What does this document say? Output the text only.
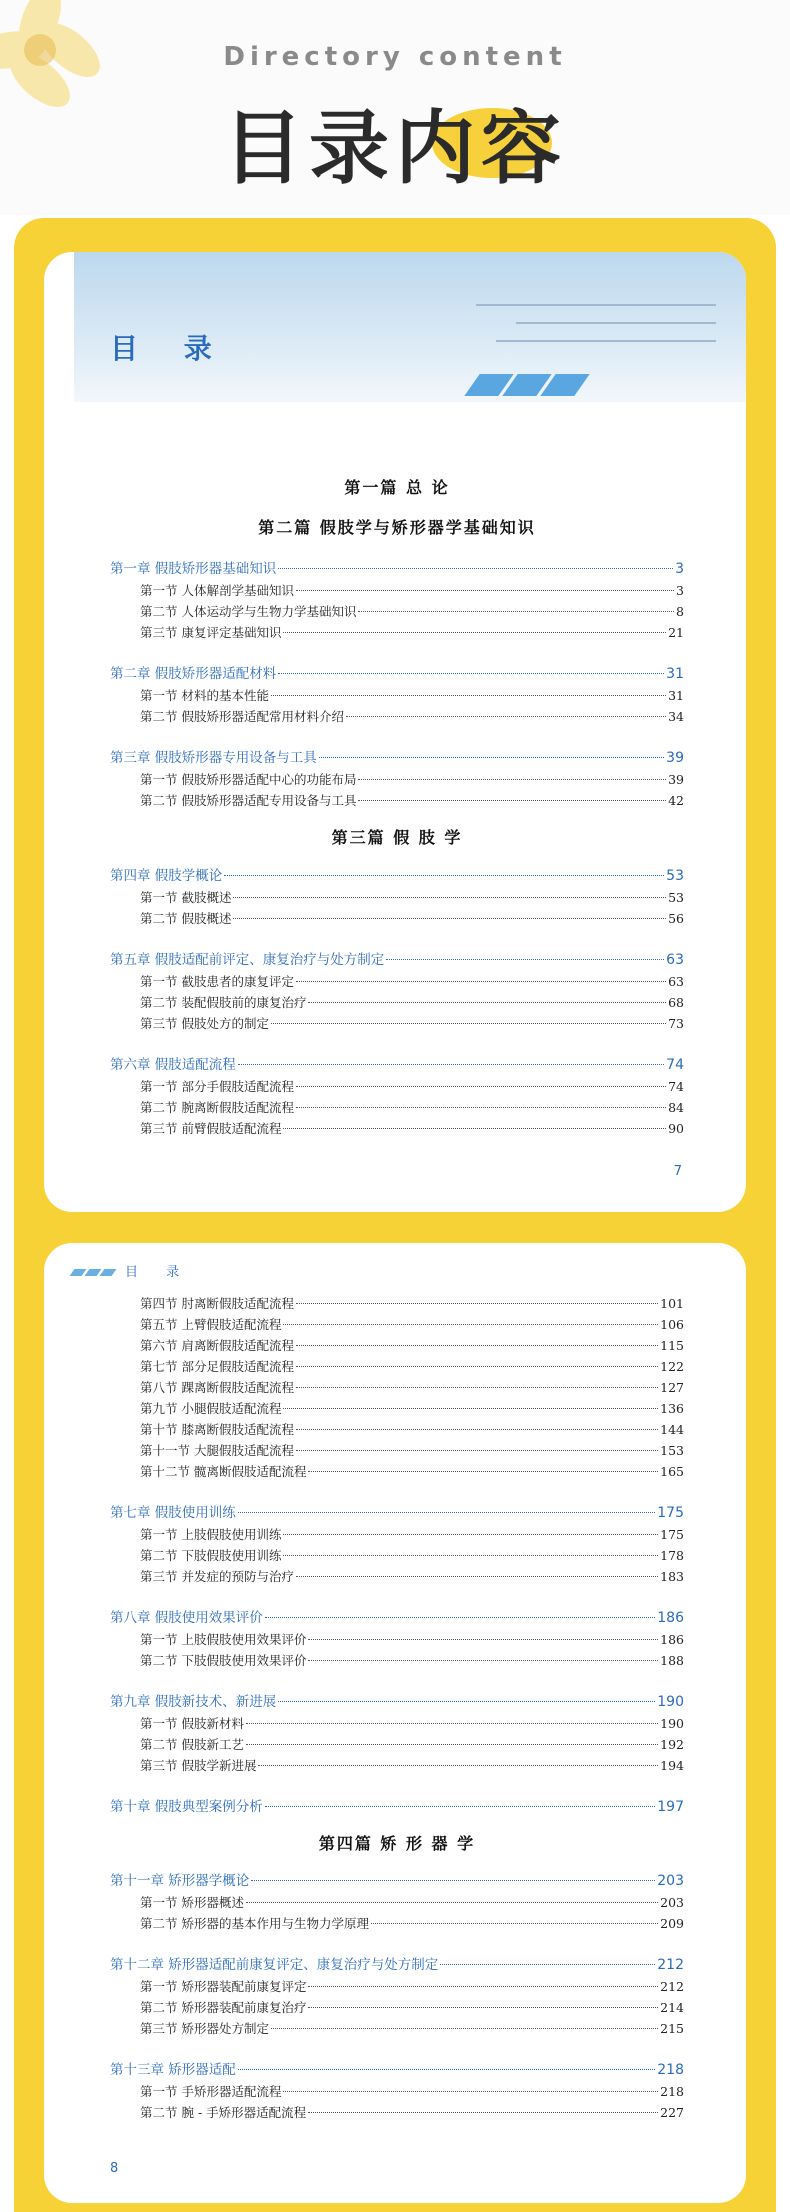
Directory content
目录内容
目 录
第一篇 总 论
第二篇 假肢学与矫形器学基础知识
第一章 假肢矫形器基础知识	3
第一节 人体解剖学基础知识	3
第二节 人体运动学与生物力学基础知识	8
第三节 康复评定基础知识	21
第二章 假肢矫形器适配材料	31
第一节 材料的基本性能	31
第二节 假肢矫形器适配常用材料介绍	34
第三章 假肢矫形器专用设备与工具	39
第一节 假肢矫形器适配中心的功能布局	39
第二节 假肢矫形器适配专用设备与工具	42
第三篇 假 肢 学
第四章 假肢学概论	53
第一节 截肢概述	53
第二节 假肢概述	56
第五章 假肢适配前评定、康复治疗与处方制定	63
第一节 截肢患者的康复评定	63
第二节 装配假肢前的康复治疗	68
第三节 假肢处方的制定	73
第六章 假肢适配流程	74
第一节 部分手假肢适配流程	74
第二节 腕离断假肢适配流程	84
第三节 前臂假肢适配流程	90
7
目 录
第四节 肘离断假肢适配流程	101
第五节 上臂假肢适配流程	106
第六节 肩离断假肢适配流程	115
第七节 部分足假肢适配流程	122
第八节 踝离断假肢适配流程	127
第九节 小腿假肢适配流程	136
第十节 膝离断假肢适配流程	144
第十一节 大腿假肢适配流程	153
第十二节 髋离断假肢适配流程	165
第七章 假肢使用训练	175
第一节 上肢假肢使用训练	175
第二节 下肢假肢使用训练	178
第三节 并发症的预防与治疗	183
第八章 假肢使用效果评价	186
第一节 上肢假肢使用效果评价	186
第二节 下肢假肢使用效果评价	188
第九章 假肢新技术、新进展	190
第一节 假肢新材料	190
第二节 假肢新工艺	192
第三节 假肢学新进展	194
第十章 假肢典型案例分析	197
第四篇 矫 形 器 学
第十一章 矫形器学概论	203
第一节 矫形器概述	203
第二节 矫形器的基本作用与生物力学原理	209
第十二章 矫形器适配前康复评定、康复治疗与处方制定	212
第一节 矫形器装配前康复评定	212
第二节 矫形器装配前康复治疗	214
第三节 矫形器处方制定	215
第十三章 矫形器适配	218
第一节 手矫形器适配流程	218
第二节 腕 - 手矫形器适配流程	227
8
